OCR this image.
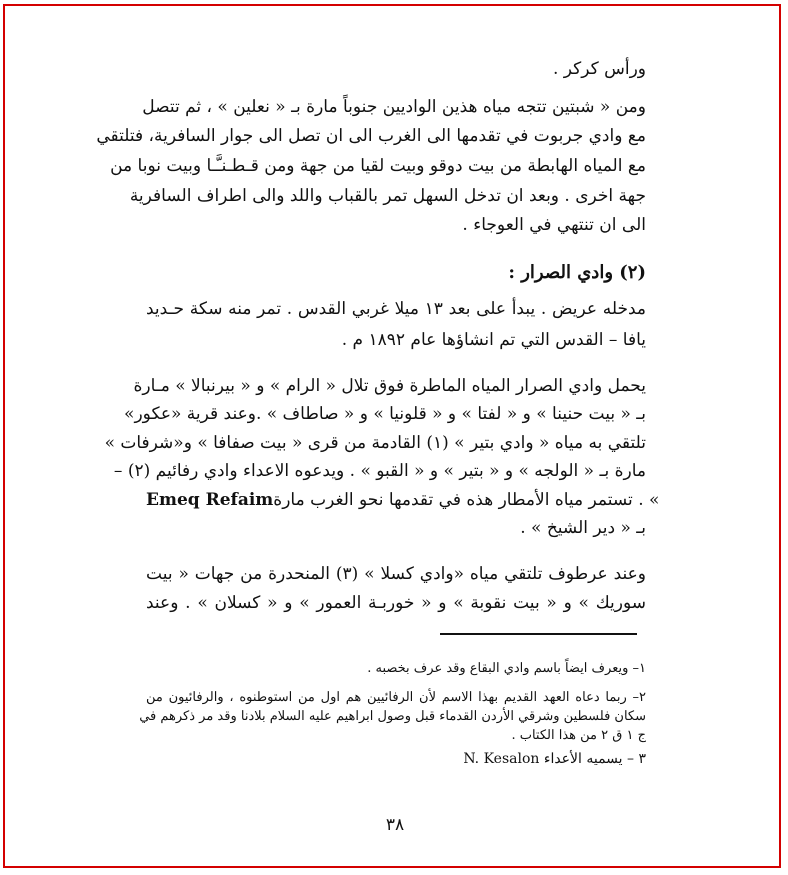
ورأس كركر .
ومن « شبتين تتجه مياه هذين الواديين جنوباً مارة بـ « نعلين » ، ثم تتصل
مع وادي جربوت في تقدمها الى الغرب الى ان تصل الى جوار السافرية، فتلتقي
مع المياه الهابطة من بيت دوقو وبيت لقيا من جهة ومن قـطـنـَّـا وبيت نوبا من
جهة اخرى . وبعد ان تدخل السهل تمر بالقباب واللد والى اطراف السافرية
الى ان تنتهي في العوجاء .
(٢) وادي الصرار :
مدخله عريض . يبدأ على بعد ١٣ ميلا غربي القدس . تمر منه سكة حـديد
يافا – القدس التي تم انشاؤها عام ١٨٩٢ م .
يحمل وادي الصرار المياه الماطرة فوق تلال « الرام » و « بيرنبالا » مـارة
بـ « بيت حنينا » و « لفتا » و « قلونيا » و « صاطاف » .وعند قرية «عكور»
تلتقي به مياه « وادي بتير » (١) القادمة من قرى « بيت صفافا » و«شرفات »
مارة بـ « الولجه » و « بتير » و « القبو » . ويدعوه الاعداء وادي رفائيم (٢) –
Emeq Refaim » . تستمر مياه الأمطار هذه في تقدمها نحو الغرب مارة
بـ « دير الشيخ » .
وعند عرطوف تلتقي مياه «وادي كسلا » (٣) المنحدرة من جهات « بيت
سوريك » و « بيت نقوبة » و « خوربـة العمور » و « كسلان » . وعند
١– ويعرف ايضاً باسم وادي البقاع وقد عرف بخصبه .
٢– ربما دعاه العهد القديم بهذا الاسم لأن الرفائيين هم اول من استوطنوه ، والرفائيون من
سكان فلسطين وشرقي الأردن القدماء قبل وصول ابراهيم عليه السلام بلادنا وقد مر ذكرهم في
ج ١ ق ٢ من هذا الكتاب .
N. Kesalon ٣ – يسميه الأعداء
٣٨
